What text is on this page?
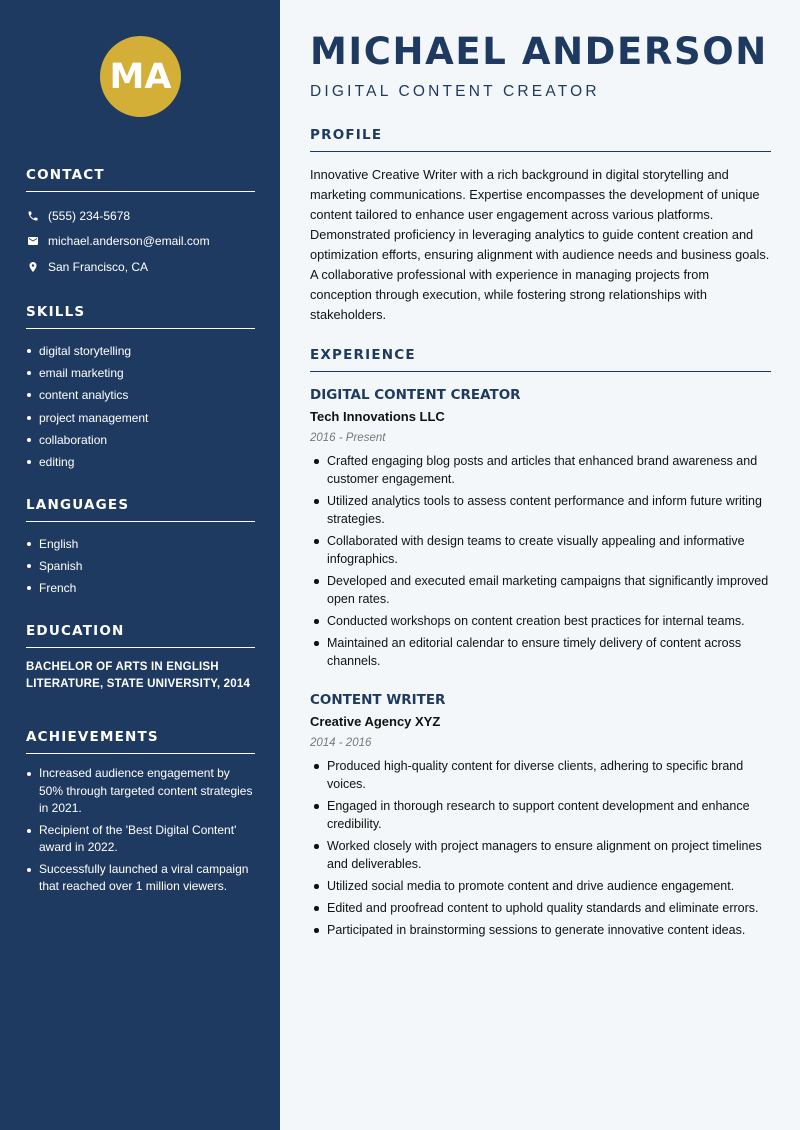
MA
CONTACT
(555) 234-5678
michael.anderson@email.com
San Francisco, CA
SKILLS
digital storytelling
email marketing
content analytics
project management
collaboration
editing
LANGUAGES
English
Spanish
French
EDUCATION

BACHELOR OF ARTS IN ENGLISH LITERATURE, STATE UNIVERSITY, 2014

ACHIEVEMENTS
Increased audience engagement by 50% through targeted content strategies in 2021.
Recipient of the 'Best Digital Content' award in 2022.
Successfully launched a viral campaign that reached over 1 million viewers.
MICHAEL ANDERSON
DIGITAL CONTENT CREATOR
PROFILE

Innovative Creative Writer with a rich background in digital storytelling and marketing communications. Expertise encompasses the development of unique content tailored to enhance user engagement across various platforms. Demonstrated proficiency in leveraging analytics to guide content creation and optimization efforts, ensuring alignment with audience needs and business goals. A collaborative professional with experience in managing projects from conception through execution, while fostering strong relationships with stakeholders.

EXPERIENCE
DIGITAL CONTENT CREATOR
Tech Innovations LLC
2016 - Present
Crafted engaging blog posts and articles that enhanced brand awareness and customer engagement.
Utilized analytics tools to assess content performance and inform future writing strategies.
Collaborated with design teams to create visually appealing and informative infographics.
Developed and executed email marketing campaigns that significantly improved open rates.
Conducted workshops on content creation best practices for internal teams.
Maintained an editorial calendar to ensure timely delivery of content across channels.
CONTENT WRITER
Creative Agency XYZ
2014 - 2016
Produced high-quality content for diverse clients, adhering to specific brand voices.
Engaged in thorough research to support content development and enhance credibility.
Worked closely with project managers to ensure alignment on project timelines and deliverables.
Utilized social media to promote content and drive audience engagement.
Edited and proofread content to uphold quality standards and eliminate errors.
Participated in brainstorming sessions to generate innovative content ideas.
